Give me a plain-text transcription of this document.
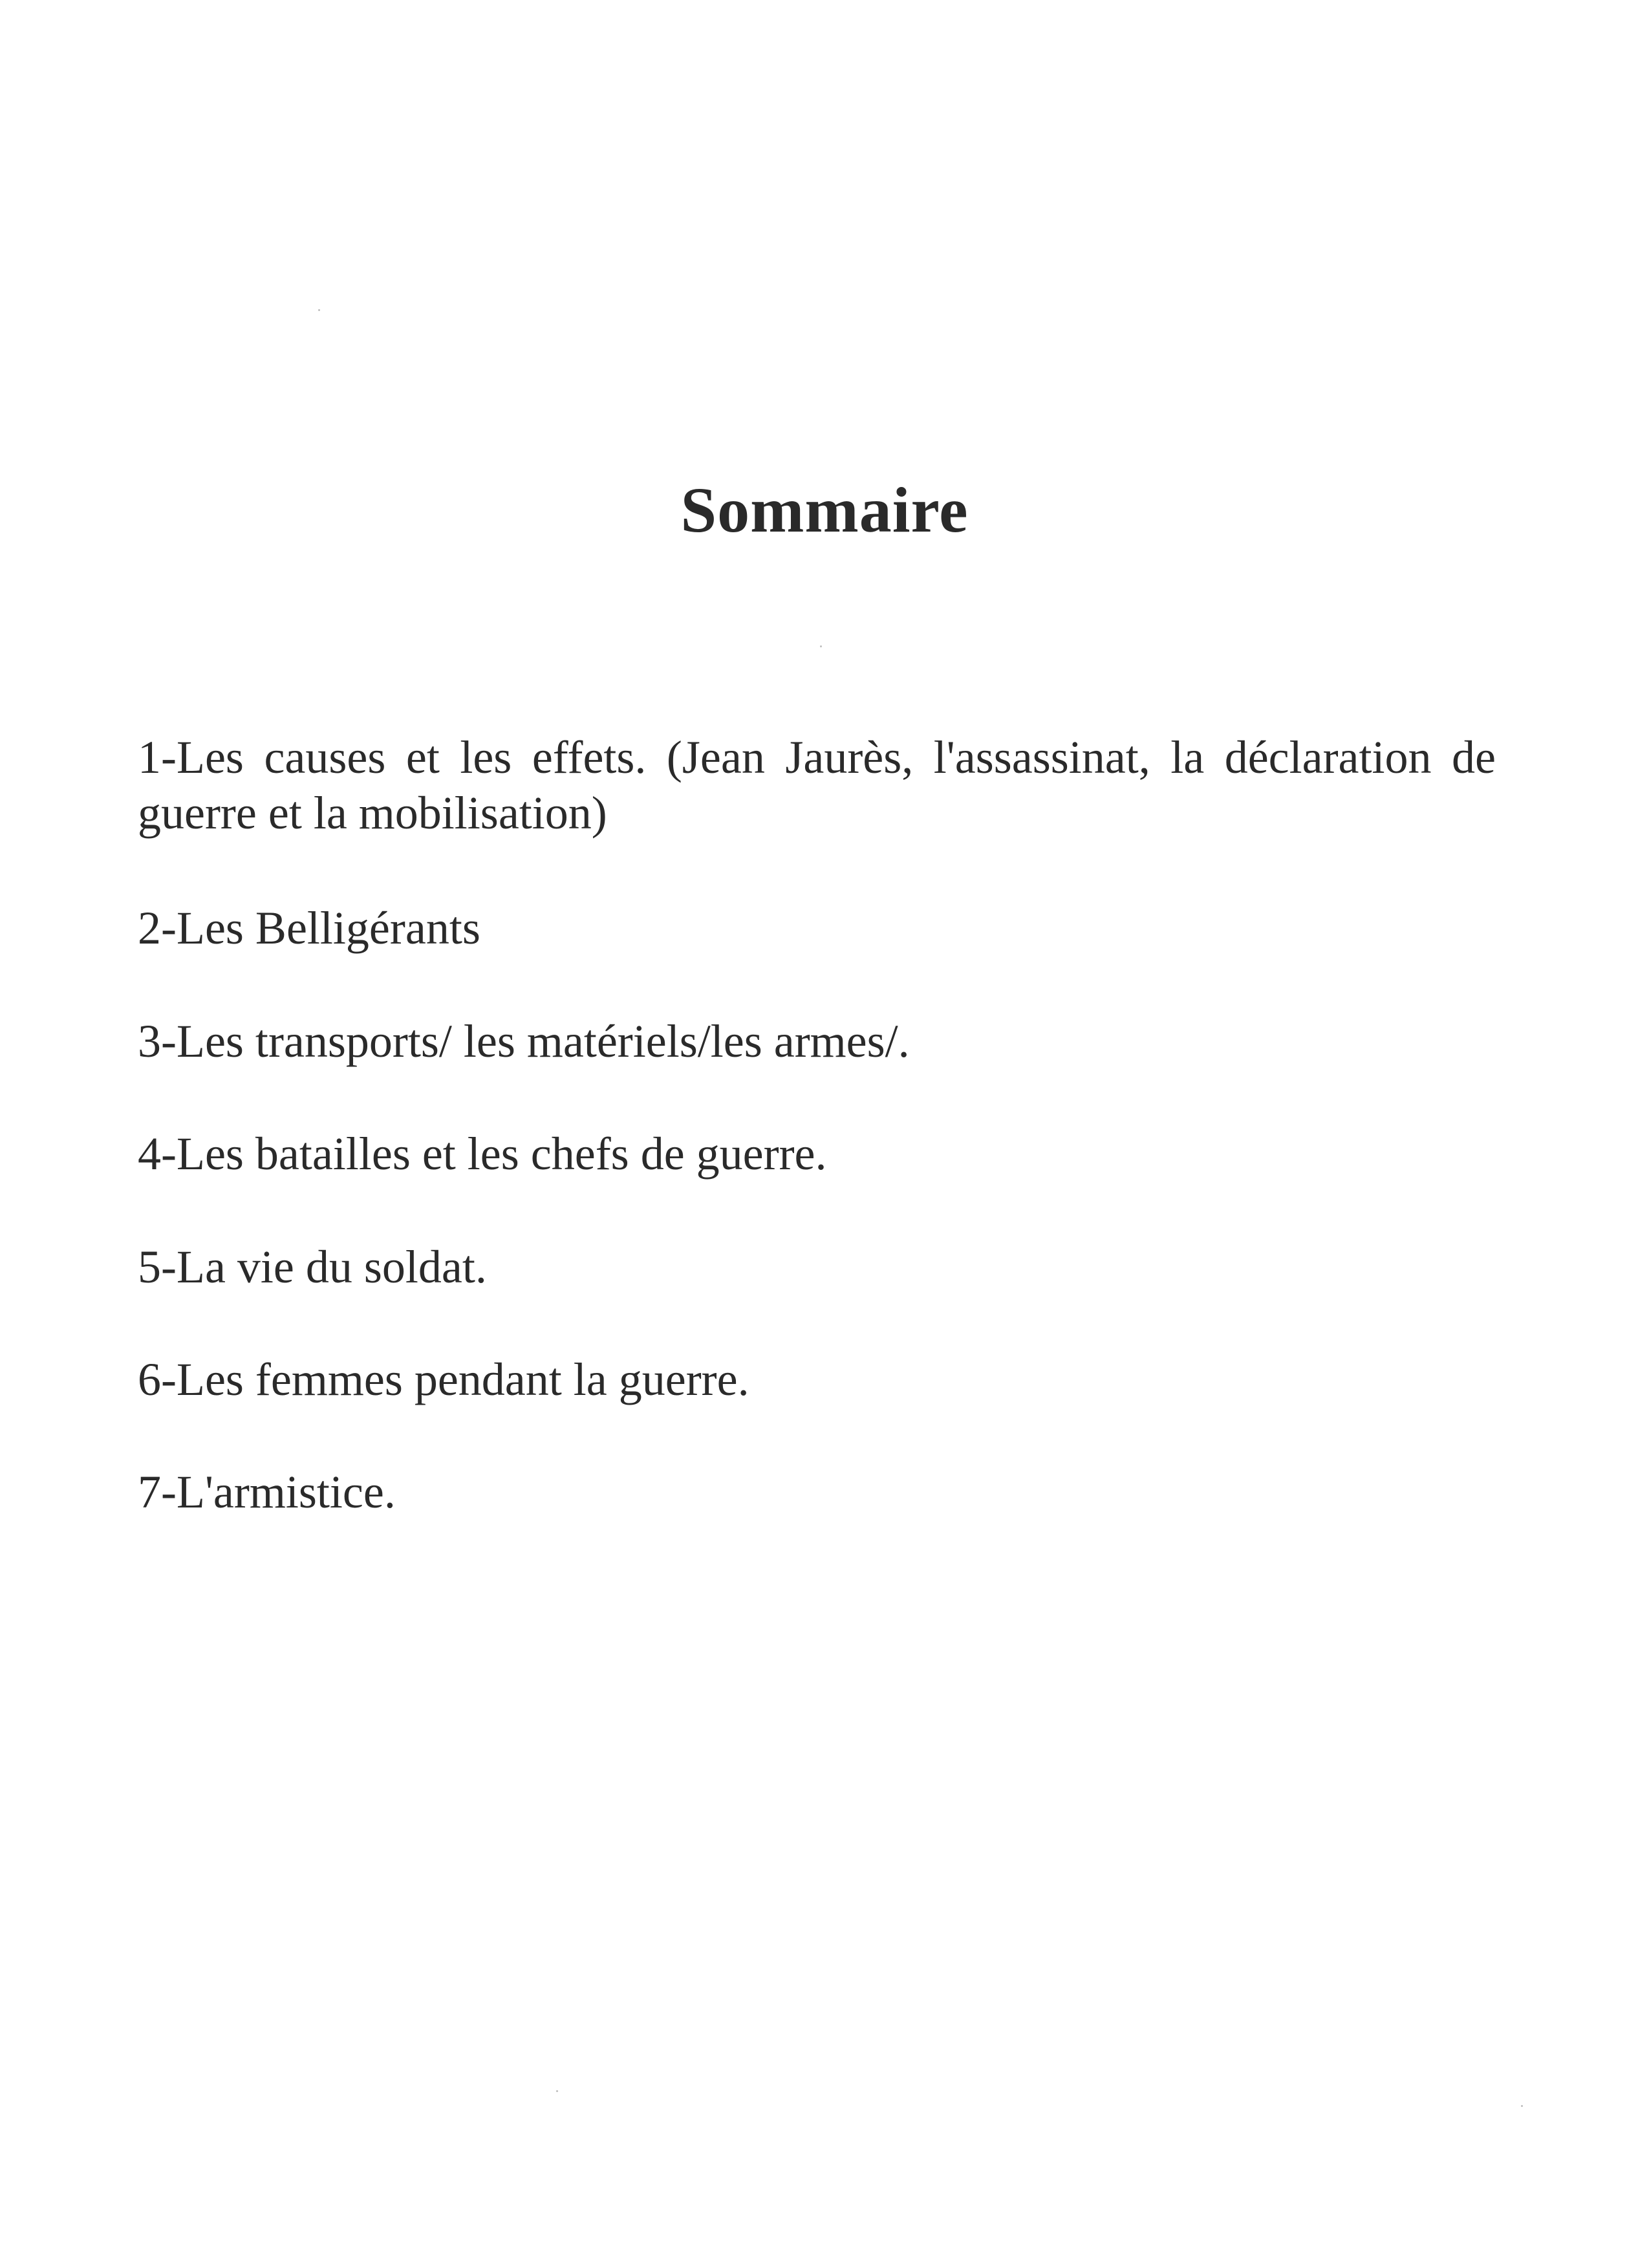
Sommaire
1-Les causes et les effets. (Jean Jaurès, l'assassinat, la déclaration de guerre et la mobilisation)
2-Les Belligérants
3-Les transports/ les matériels/les armes/.
4-Les batailles et les chefs de guerre.
5-La vie du soldat.
6-Les femmes pendant la guerre.
7-L'armistice.
